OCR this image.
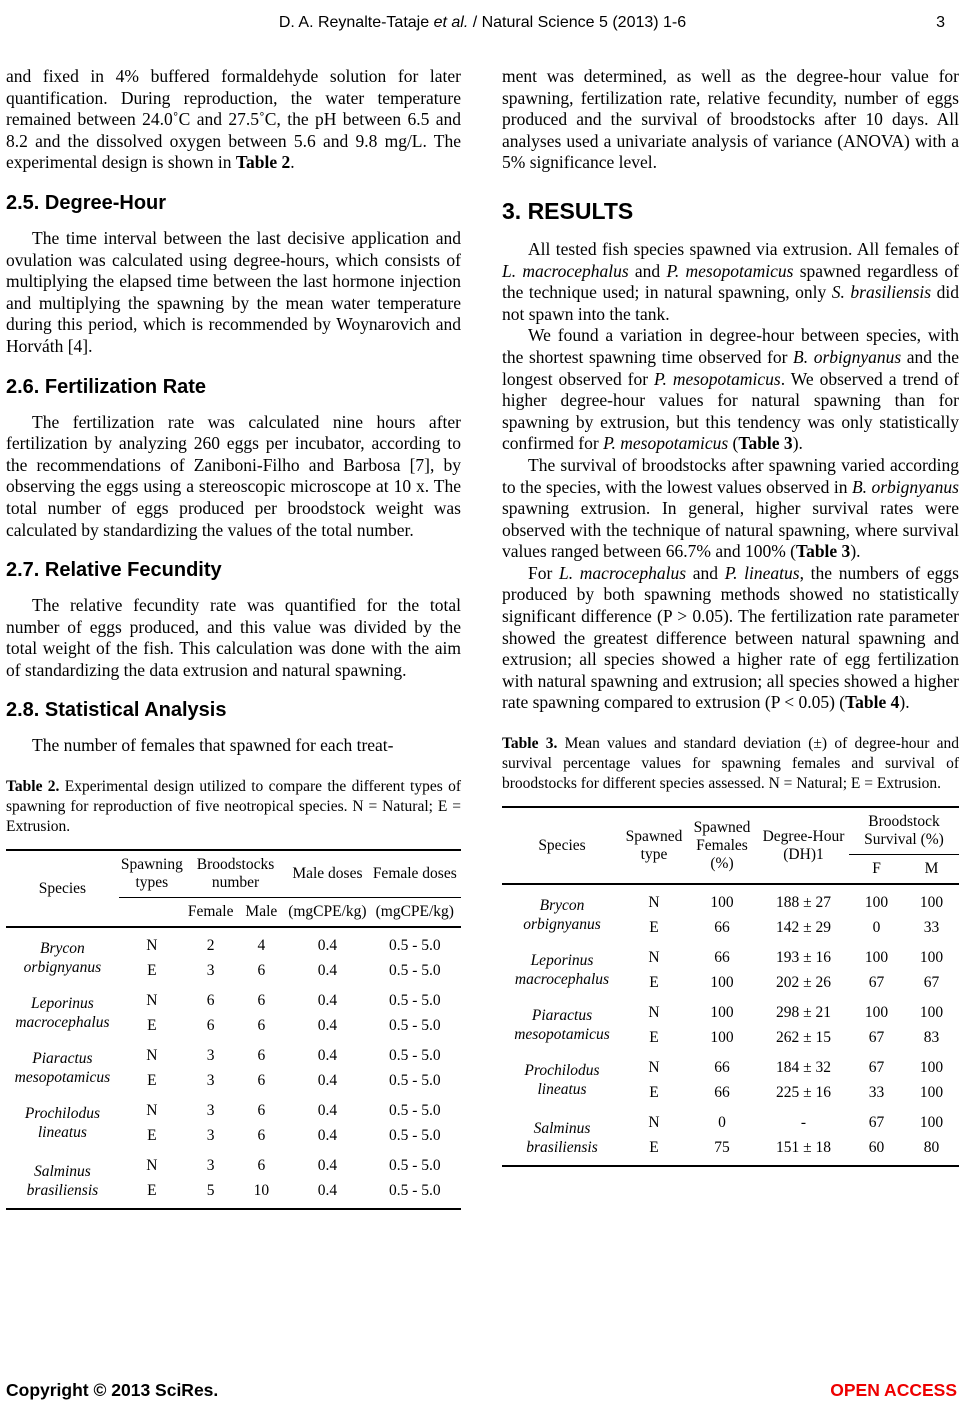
D. A. Reynalte-Tataje et al. / Natural Science 5 (2013) 1-6	3

and fixed in 4% buffered formaldehyde solution for later quantification. During reproduction, the water temperature remained between 24.0˚C and 27.5˚C, the pH between 6.5 and 8.2 and the dissolved oxygen between 5.6 and 9.8 mg/L. The experimental design is shown in Table 2.

2.5. Degree-Hour

The time interval between the last decisive application and ovulation was calculated using degree-hours, which consists of multiplying the elapsed time between the last hormone injection and multiplying the spawning by the mean water temperature during this period, which is recommended by Woynarovich and Horváth [4].

2.6. Fertilization Rate

The fertilization rate was calculated nine hours after fertilization by analyzing 260 eggs per incubator, according to the recommendations of Zaniboni-Filho and Barbosa [7], by observing the eggs using a stereoscopic microscope at 10 x. The total number of eggs produced per broodstock weight was calculated by standardizing the values of the total number.

2.7. Relative Fecundity

The relative fecundity rate was quantified for the total number of eggs produced, and this value was divided by the total weight of the fish. This calculation was done with the aim of standardizing the data extrusion and natural spawning.

2.8. Statistical Analysis

The number of females that spawned for each treat-

Table 2. Experimental design utilized to compare the different types of spawning for reproduction of five neotropical species. N = Natural; E = Extrusion.

Species	Spawning types	Broodstocks number		Male doses	Female doses
		Female	Male	(mgCPE/kg)	(mgCPE/kg)
Brycon orbignyanus	N	2	4	0.4	0.5 - 5.0
	E	3	6	0.4	0.5 - 5.0
Leporinus macrocephalus	N	6	6	0.4	0.5 - 5.0
	E	6	6	0.4	0.5 - 5.0
Piaractus mesopotamicus	N	3	6	0.4	0.5 - 5.0
	E	3	6	0.4	0.5 - 5.0
Prochilodus lineatus	N	3	6	0.4	0.5 - 5.0
	E	3	6	0.4	0.5 - 5.0
Salminus brasiliensis	N	3	6	0.4	0.5 - 5.0
	E	5	10	0.4	0.5 - 5.0

ment was determined, as well as the degree-hour value for spawning, fertilization rate, relative fecundity, number of eggs produced and the survival of broodstocks after 10 days. All analyses used a univariate analysis of variance (ANOVA) with a 5% significance level.

3. RESULTS

All tested fish species spawned via extrusion. All females of L. macrocephalus and P. mesopotamicus spawned regardless of the technique used; in natural spawning, only S. brasiliensis did not spawn into the tank.

We found a variation in degree-hour between species, with the shortest spawning time observed for B. orbignyanus and the longest observed for P. mesopotamicus. We observed a trend of higher degree-hour values for natural spawning than for spawning by extrusion, but this tendency was only statistically confirmed for P. mesopotamicus (Table 3).

The survival of broodstocks after spawning varied according to the species, with the lowest values observed in B. orbignyanus spawning extrusion. In general, higher survival rates were observed with the technique of natural spawning, where survival values ranged between 66.7% and 100% (Table 3).

For L. macrocephalus and P. lineatus, the numbers of eggs produced by both spawning methods showed no statistically significant difference (P > 0.05). The fertilization rate parameter showed the greatest difference between natural spawning and extrusion; all species showed a higher rate of egg fertilization with natural spawning and extrusion; all species showed a higher rate spawning compared to extrusion (P < 0.05) (Table 4).

Table 3. Mean values and standard deviation (±) of degree-hour and survival percentage values for spawning females and survival of broodstocks for different species assessed. N = Natural; E = Extrusion.

Species	Spawned type	Spawned Females (%)	Degree-Hour (DH)1	Broodstock Survival (%)	
				F	M
Brycon orbignyanus	N	100	188 ± 27	100	100
	E	66	142 ± 29	0	33
Leporinus macrocephalus	N	66	193 ± 16	100	100
	E	100	202 ± 26	67	67
Piaractus mesopotamicus	N	100	298 ± 21	100	100
	E	100	262 ± 15	67	83
Prochilodus lineatus	N	66	184 ± 32	67	100
	E	66	225 ± 16	33	100
Salminus brasiliensis	N	0	-	67	100
	E	75	151 ± 18	60	80
Copyright © 2013 SciRes.	OPEN ACCESS
